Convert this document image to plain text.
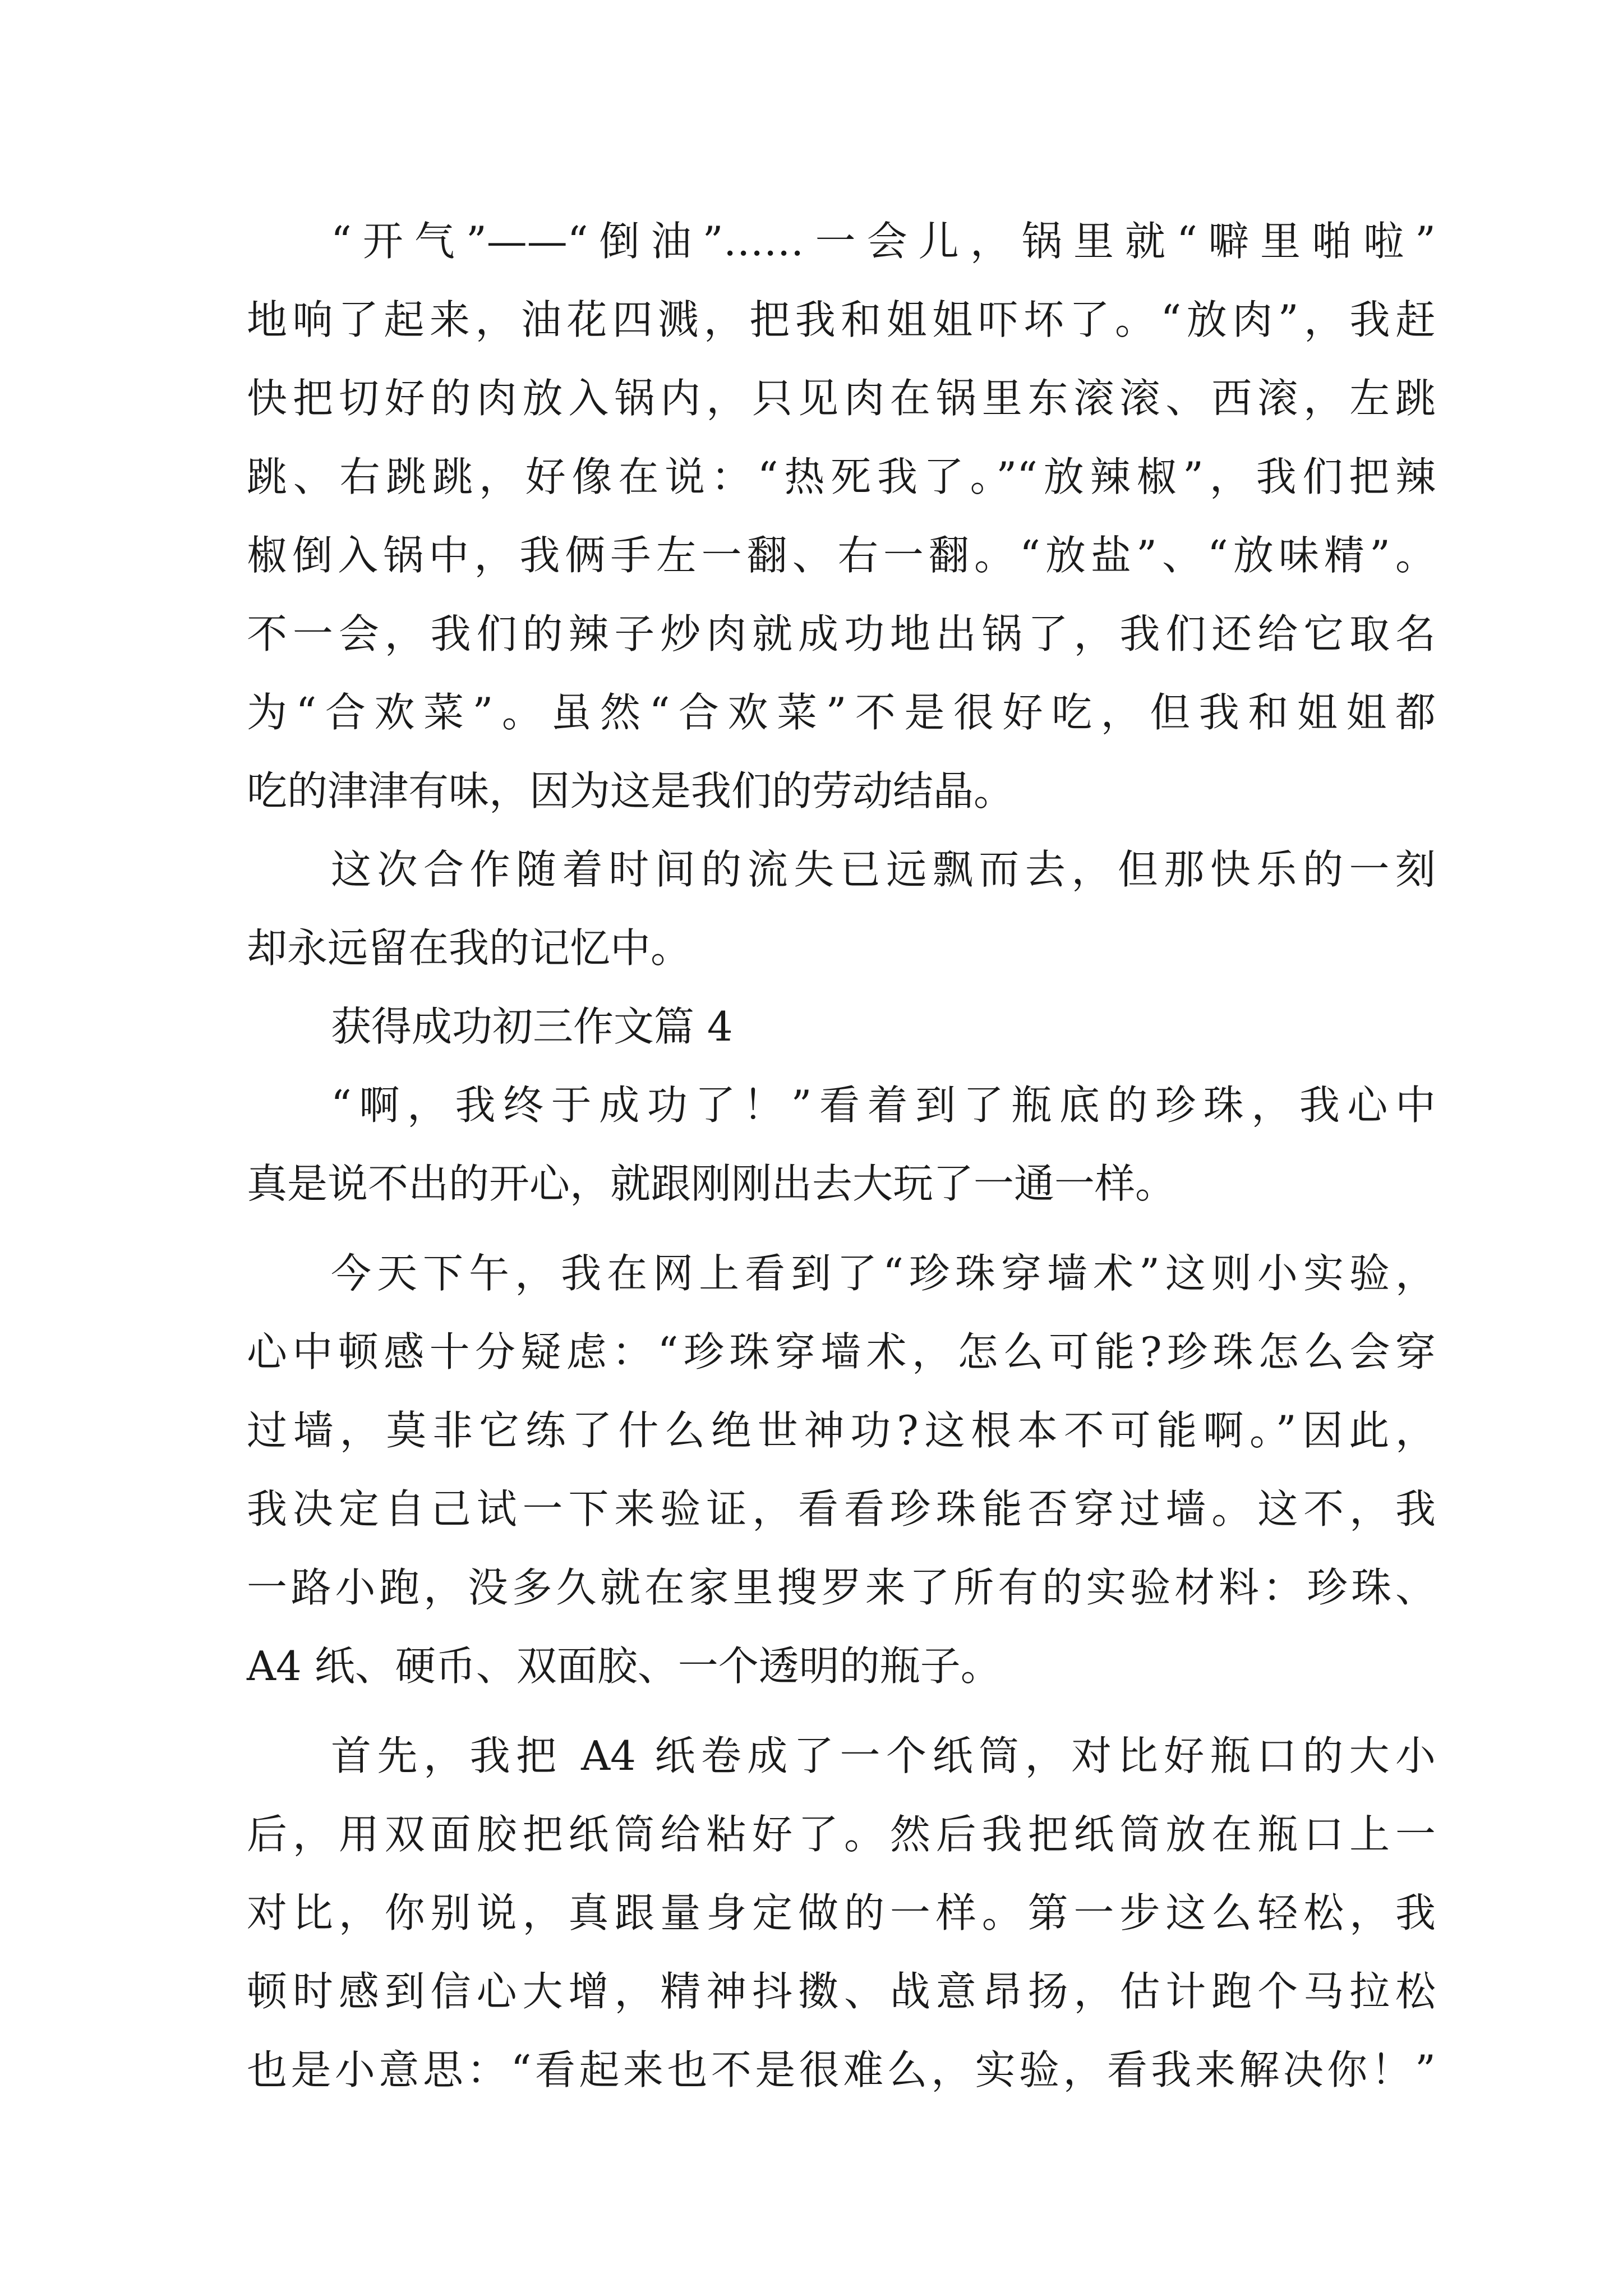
“开气”——“倒油”……一会儿，锅里就“噼里啪啦”
地响了起来，油花四溅，把我和姐姐吓坏了。“放肉”，我赶
快把切好的肉放入锅内，只见肉在锅里东滚滚、西滚，左跳
跳、右跳跳，好像在说：“热死我了。”“放辣椒”，我们把辣
椒倒入锅中，我俩手左一翻、右一翻。“放盐”、“放味精”。
不一会，我们的辣子炒肉就成功地出锅了，我们还给它取名
为“合欢菜”。虽然“合欢菜”不是很好吃，但我和姐姐都
吃的津津有味，因为这是我们的劳动结晶。
这次合作随着时间的流失已远飘而去，但那快乐的一刻
却永远留在我的记忆中。
获得成功初三作文篇 4
“啊，我终于成功了！”看着到了瓶底的珍珠，我心中
真是说不出的开心，就跟刚刚出去大玩了一通一样。
今天下午，我在网上看到了“珍珠穿墙术”这则小实验，
心中顿感十分疑虑：“珍珠穿墙术，怎么可能?珍珠怎么会穿
过墙，莫非它练了什么绝世神功?这根本不可能啊。”因此，
我决定自己试一下来验证，看看珍珠能否穿过墙。这不，我
一路小跑，没多久就在家里搜罗来了所有的实验材料：珍珠、
A4 纸、硬币、双面胶、一个透明的瓶子。
首先，我把 A4 纸卷成了一个纸筒，对比好瓶口的大小
后，用双面胶把纸筒给粘好了。然后我把纸筒放在瓶口上一
对比，你别说，真跟量身定做的一样。第一步这么轻松，我
顿时感到信心大增，精神抖擞、战意昂扬，估计跑个马拉松
也是小意思：“看起来也不是很难么，实验，看我来解决你！”
